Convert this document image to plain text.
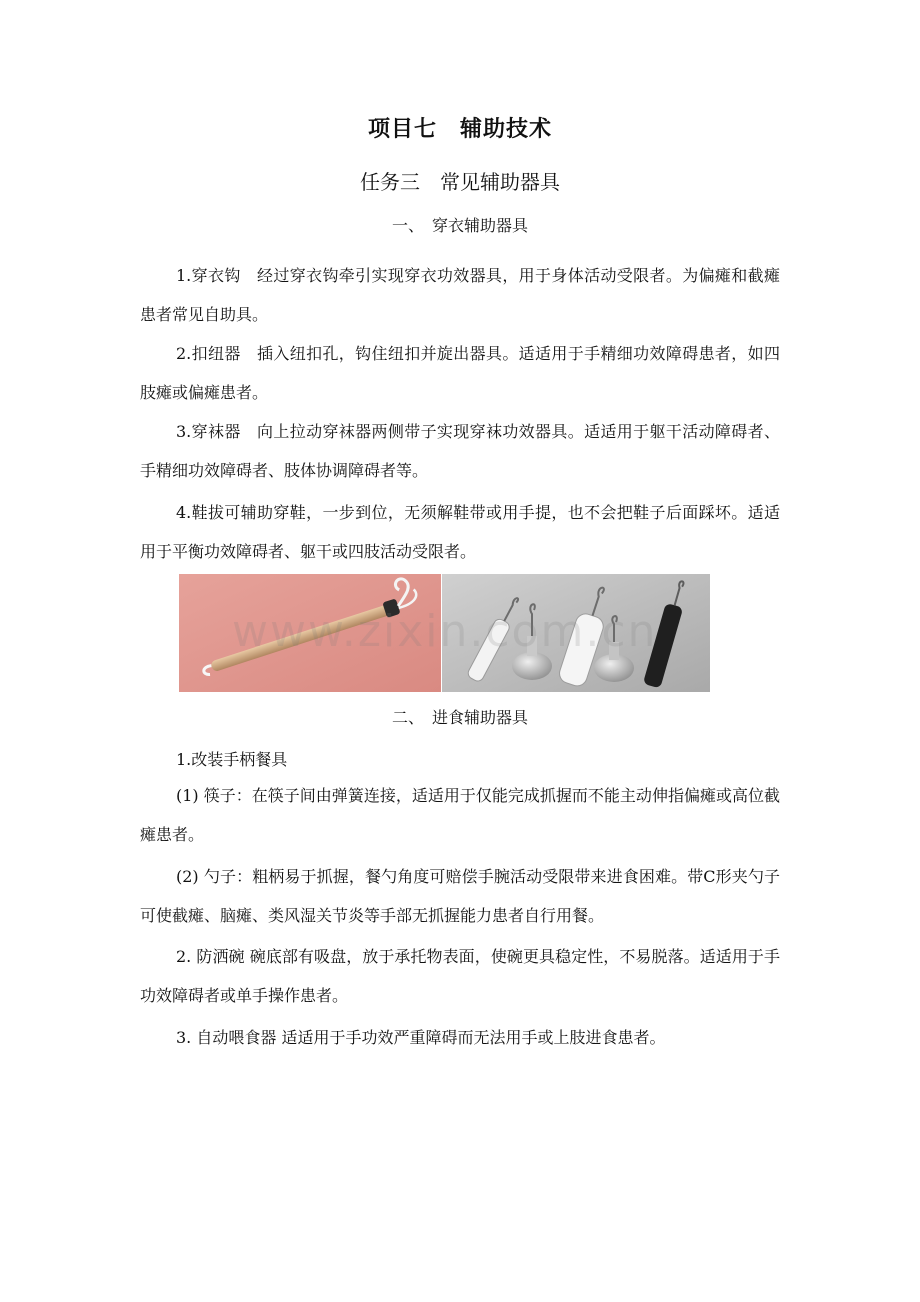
项目七　辅助技术
任务三　常见辅助器具
一、　穿衣辅助器具

1.穿衣钩　经过穿衣钩牵引实现穿衣功效器具，用于身体活动受限者。为偏瘫和截瘫患者常见自助具。

2.扣纽器　插入纽扣孔，钩住纽扣并旋出器具。适适用于手精细功效障碍患者，如四肢瘫或偏瘫患者。

3.穿袜器　向上拉动穿袜器两侧带子实现穿袜功效器具。适适用于躯干活动障碍者、手精细功效障碍者、肢体协调障碍者等。

4.鞋拔可辅助穿鞋，一步到位，无须解鞋带或用手提，也不会把鞋子后面踩坏。适适用于平衡功效障碍者、躯干或四肢活动受限者。

二、　进食辅助器具

1.改装手柄餐具

(1) 筷子：在筷子间由弹簧连接，适适用于仅能完成抓握而不能主动伸指偏瘫或高位截瘫患者。

(2) 勺子：粗柄易于抓握，餐勺角度可赔偿手腕活动受限带来进食困难。带C形夹勺子可使截瘫、脑瘫、类风湿关节炎等手部无抓握能力患者自行用餐。

2. 防洒碗 碗底部有吸盘，放于承托物表面，使碗更具稳定性，不易脱落。适适用于手功效障碍者或单手操作患者。

3. 自动喂食器 适适用于手功效严重障碍而无法用手或上肢进食患者。
